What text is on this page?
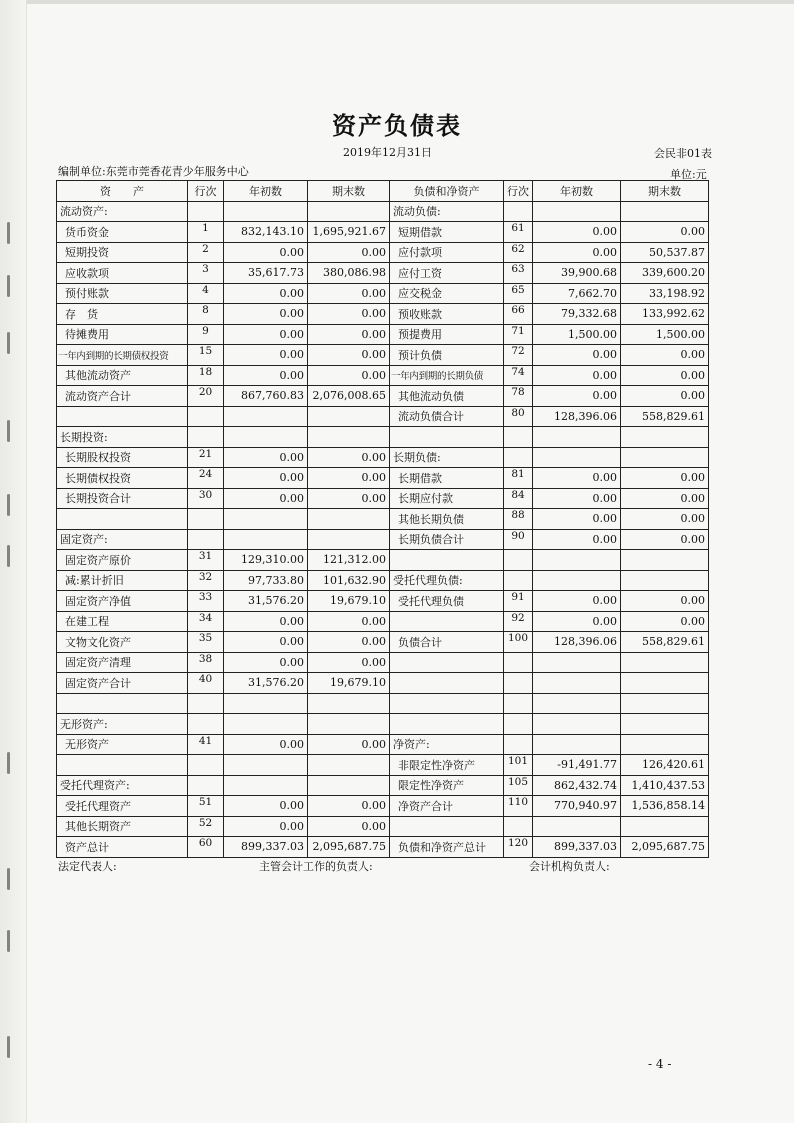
资产负债表
2019年12月31日	会民非01表
编制单位:东莞市莞香花青少年服务中心	单位:元
资　　产	行次	年初数	期末数	负债和净资产	行次	年初数	期末数
流动资产:				流动负债:			
货币资金	1	832,143.10	1,695,921.67	短期借款	61	0.00	0.00
短期投资	2	0.00	0.00	应付款项	62	0.00	50,537.87
应收款项	3	35,617.73	380,086.98	应付工资	63	39,900.68	339,600.20
预付账款	4	0.00	0.00	应交税金	65	7,662.70	33,198.92
存　货	8	0.00	0.00	预收账款	66	79,332.68	133,992.62
待摊费用	9	0.00	0.00	预提费用	71	1,500.00	1,500.00
一年内到期的长期债权投资	15	0.00	0.00	预计负债	72	0.00	0.00
其他流动资产	18	0.00	0.00	一年内到期的长期负债	74	0.00	0.00
流动资产合计	20	867,760.83	2,076,008.65	其他流动负债	78	0.00	0.00
				流动负债合计	80	128,396.06	558,829.61
长期投资:							
长期股权投资	21	0.00	0.00	长期负债:			
长期债权投资	24	0.00	0.00	长期借款	81	0.00	0.00
长期投资合计	30	0.00	0.00	长期应付款	84	0.00	0.00
				其他长期负债	88	0.00	0.00
固定资产:				长期负债合计	90	0.00	0.00
固定资产原价	31	129,310.00	121,312.00				
减:累计折旧	32	97,733.80	101,632.90	受托代理负债:			
固定资产净值	33	31,576.20	19,679.10	受托代理负债	91	0.00	0.00
在建工程	34	0.00	0.00		92	0.00	0.00
文物文化资产	35	0.00	0.00	负债合计	100	128,396.06	558,829.61
固定资产清理	38	0.00	0.00				
固定资产合计	40	31,576.20	19,679.10				

无形资产:							
无形资产	41	0.00	0.00	净资产:			
				非限定性净资产	101	-91,491.77	126,420.61
受托代理资产:				限定性净资产	105	862,432.74	1,410,437.53
受托代理资产	51	0.00	0.00	净资产合计	110	770,940.97	1,536,858.14
其他长期资产	52	0.00	0.00				
资产总计	60	899,337.03	2,095,687.75	负债和净资产总计	120	899,337.03	2,095,687.75
法定代表人:	主管会计工作的负责人:	会计机构负责人:
- 4 -
